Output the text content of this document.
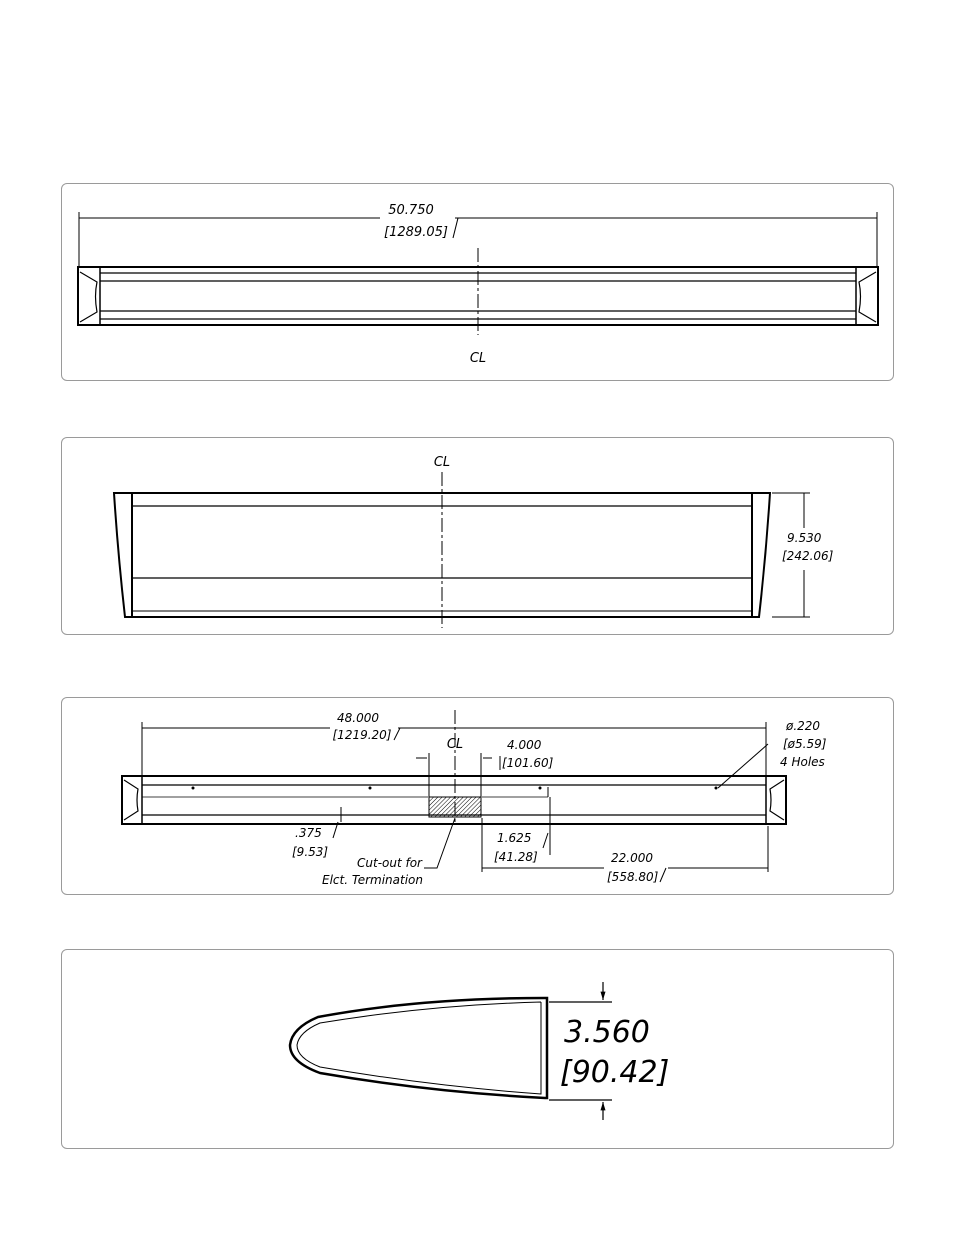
50.750
[1289.05]
CL
CL
9.530
[242.06]
48.000
[1219.20]
CL	4.000
[101.60]
ø.220
[ø5.59]
4 Holes
.375
[9.53]
Cut-out for
Elct. Termination
1.625
[41.28]	22.000
[558.80]
3.560
[90.42]
